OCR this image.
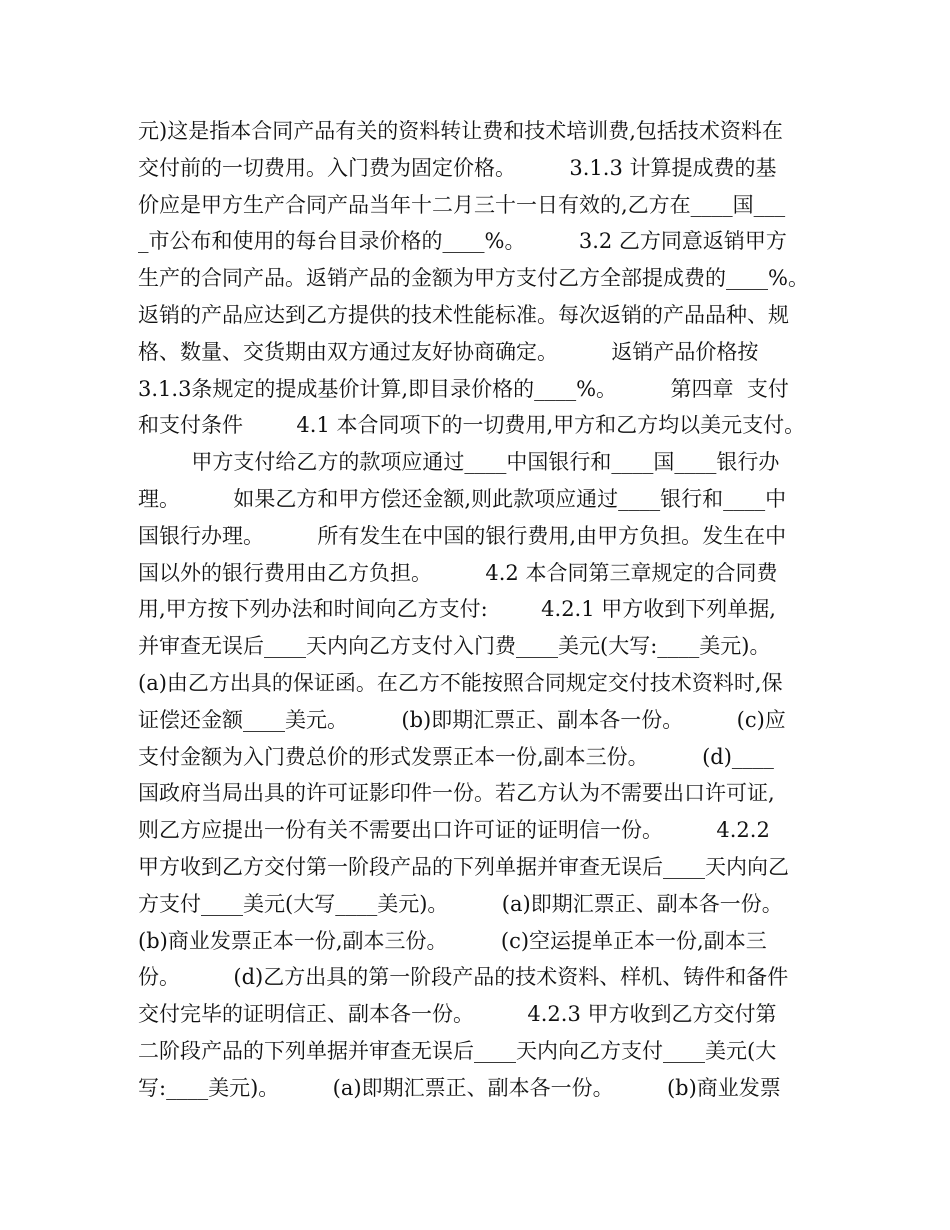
元)这是指本合同产品有关的资料转让费和技术培训费,包括技术资料在
交付前的一切费用。入门费为固定价格。        3.1.3 计算提成费的基
价应是甲方生产合同产品当年十二月三十一日有效的,乙方在____国___
_市公布和使用的每台目录价格的____%。        3.2 乙方同意返销甲方
生产的合同产品。返销产品的金额为甲方支付乙方全部提成费的____%。
返销的产品应达到乙方提供的技术性能标准。每次返销的产品品种、规
格、数量、交货期由双方通过友好协商确定。        返销产品价格按
3.1.3条规定的提成基价计算,即目录价格的____%。        第四章  支付
和支付条件        4.1 本合同项下的一切费用,甲方和乙方均以美元支付。
甲方支付给乙方的款项应通过____中国银行和____国____银行办
理。        如果乙方和甲方偿还金额,则此款项应通过____银行和____中
国银行办理。        所有发生在中国的银行费用,由甲方负担。发生在中
国以外的银行费用由乙方负担。        4.2 本合同第三章规定的合同费
用,甲方按下列办法和时间向乙方支付:        4.2.1 甲方收到下列单据,
并审查无误后____天内向乙方支付入门费____美元(大写:____美元)。
(a)由乙方出具的保证函。在乙方不能按照合同规定交付技术资料时,保
证偿还金额____美元。        (b)即期汇票正、副本各一份。        (c)应
支付金额为入门费总价的形式发票正本一份,副本三份。        (d)____
国政府当局出具的许可证影印件一份。若乙方认为不需要出口许可证,
则乙方应提出一份有关不需要出口许可证的证明信一份。        4.2.2
甲方收到乙方交付第一阶段产品的下列单据并审查无误后____天内向乙
方支付____美元(大写____美元)。        (a)即期汇票正、副本各一份。
(b)商业发票正本一份,副本三份。        (c)空运提单正本一份,副本三
份。        (d)乙方出具的第一阶段产品的技术资料、样机、铸件和备件
交付完毕的证明信正、副本各一份。        4.2.3 甲方收到乙方交付第
二阶段产品的下列单据并审查无误后____天内向乙方支付____美元(大
写:____美元)。        (a)即期汇票正、副本各一份。        (b)商业发票
